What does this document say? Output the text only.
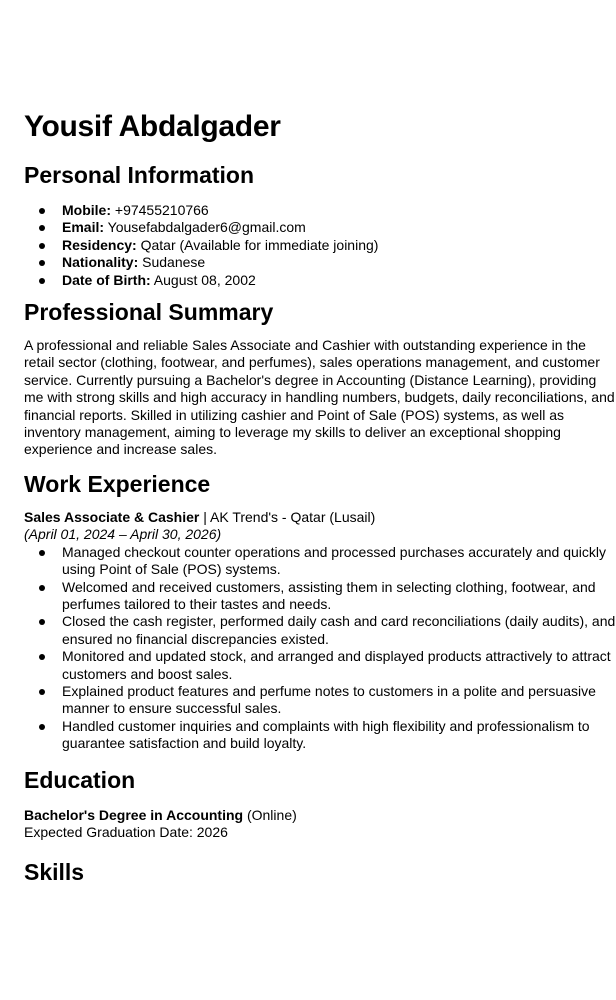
Yousif Abdalgader
Personal Information
Mobile: +97455210766
Email: Yousefabdalgader6@gmail.com
Residency: Qatar (Available for immediate joining)
Nationality: Sudanese
Date of Birth: August 08, 2002
Professional Summary
A professional and reliable Sales Associate and Cashier with outstanding experience in the retail sector (clothing, footwear, and perfumes), sales operations management, and customer service. Currently pursuing a Bachelor's degree in Accounting (Distance Learning), providing me with strong skills and high accuracy in handling numbers, budgets, daily reconciliations, and financial reports. Skilled in utilizing cashier and Point of Sale (POS) systems, as well as inventory management, aiming to leverage my skills to deliver an exceptional shopping experience and increase sales.
Work Experience
Sales Associate & Cashier | AK Trend's - Qatar (Lusail)
(April 01, 2024 – April 30, 2026)
Managed checkout counter operations and processed purchases accurately and quickly using Point of Sale (POS) systems.
Welcomed and received customers, assisting them in selecting clothing, footwear, and perfumes tailored to their tastes and needs.
Closed the cash register, performed daily cash and card reconciliations (daily audits), and ensured no financial discrepancies existed.
Monitored and updated stock, and arranged and displayed products attractively to attract customers and boost sales.
Explained product features and perfume notes to customers in a polite and persuasive manner to ensure successful sales.
Handled customer inquiries and complaints with high flexibility and professionalism to guarantee satisfaction and build loyalty.
Education
Bachelor's Degree in Accounting (Online)
Expected Graduation Date: 2026
Skills
